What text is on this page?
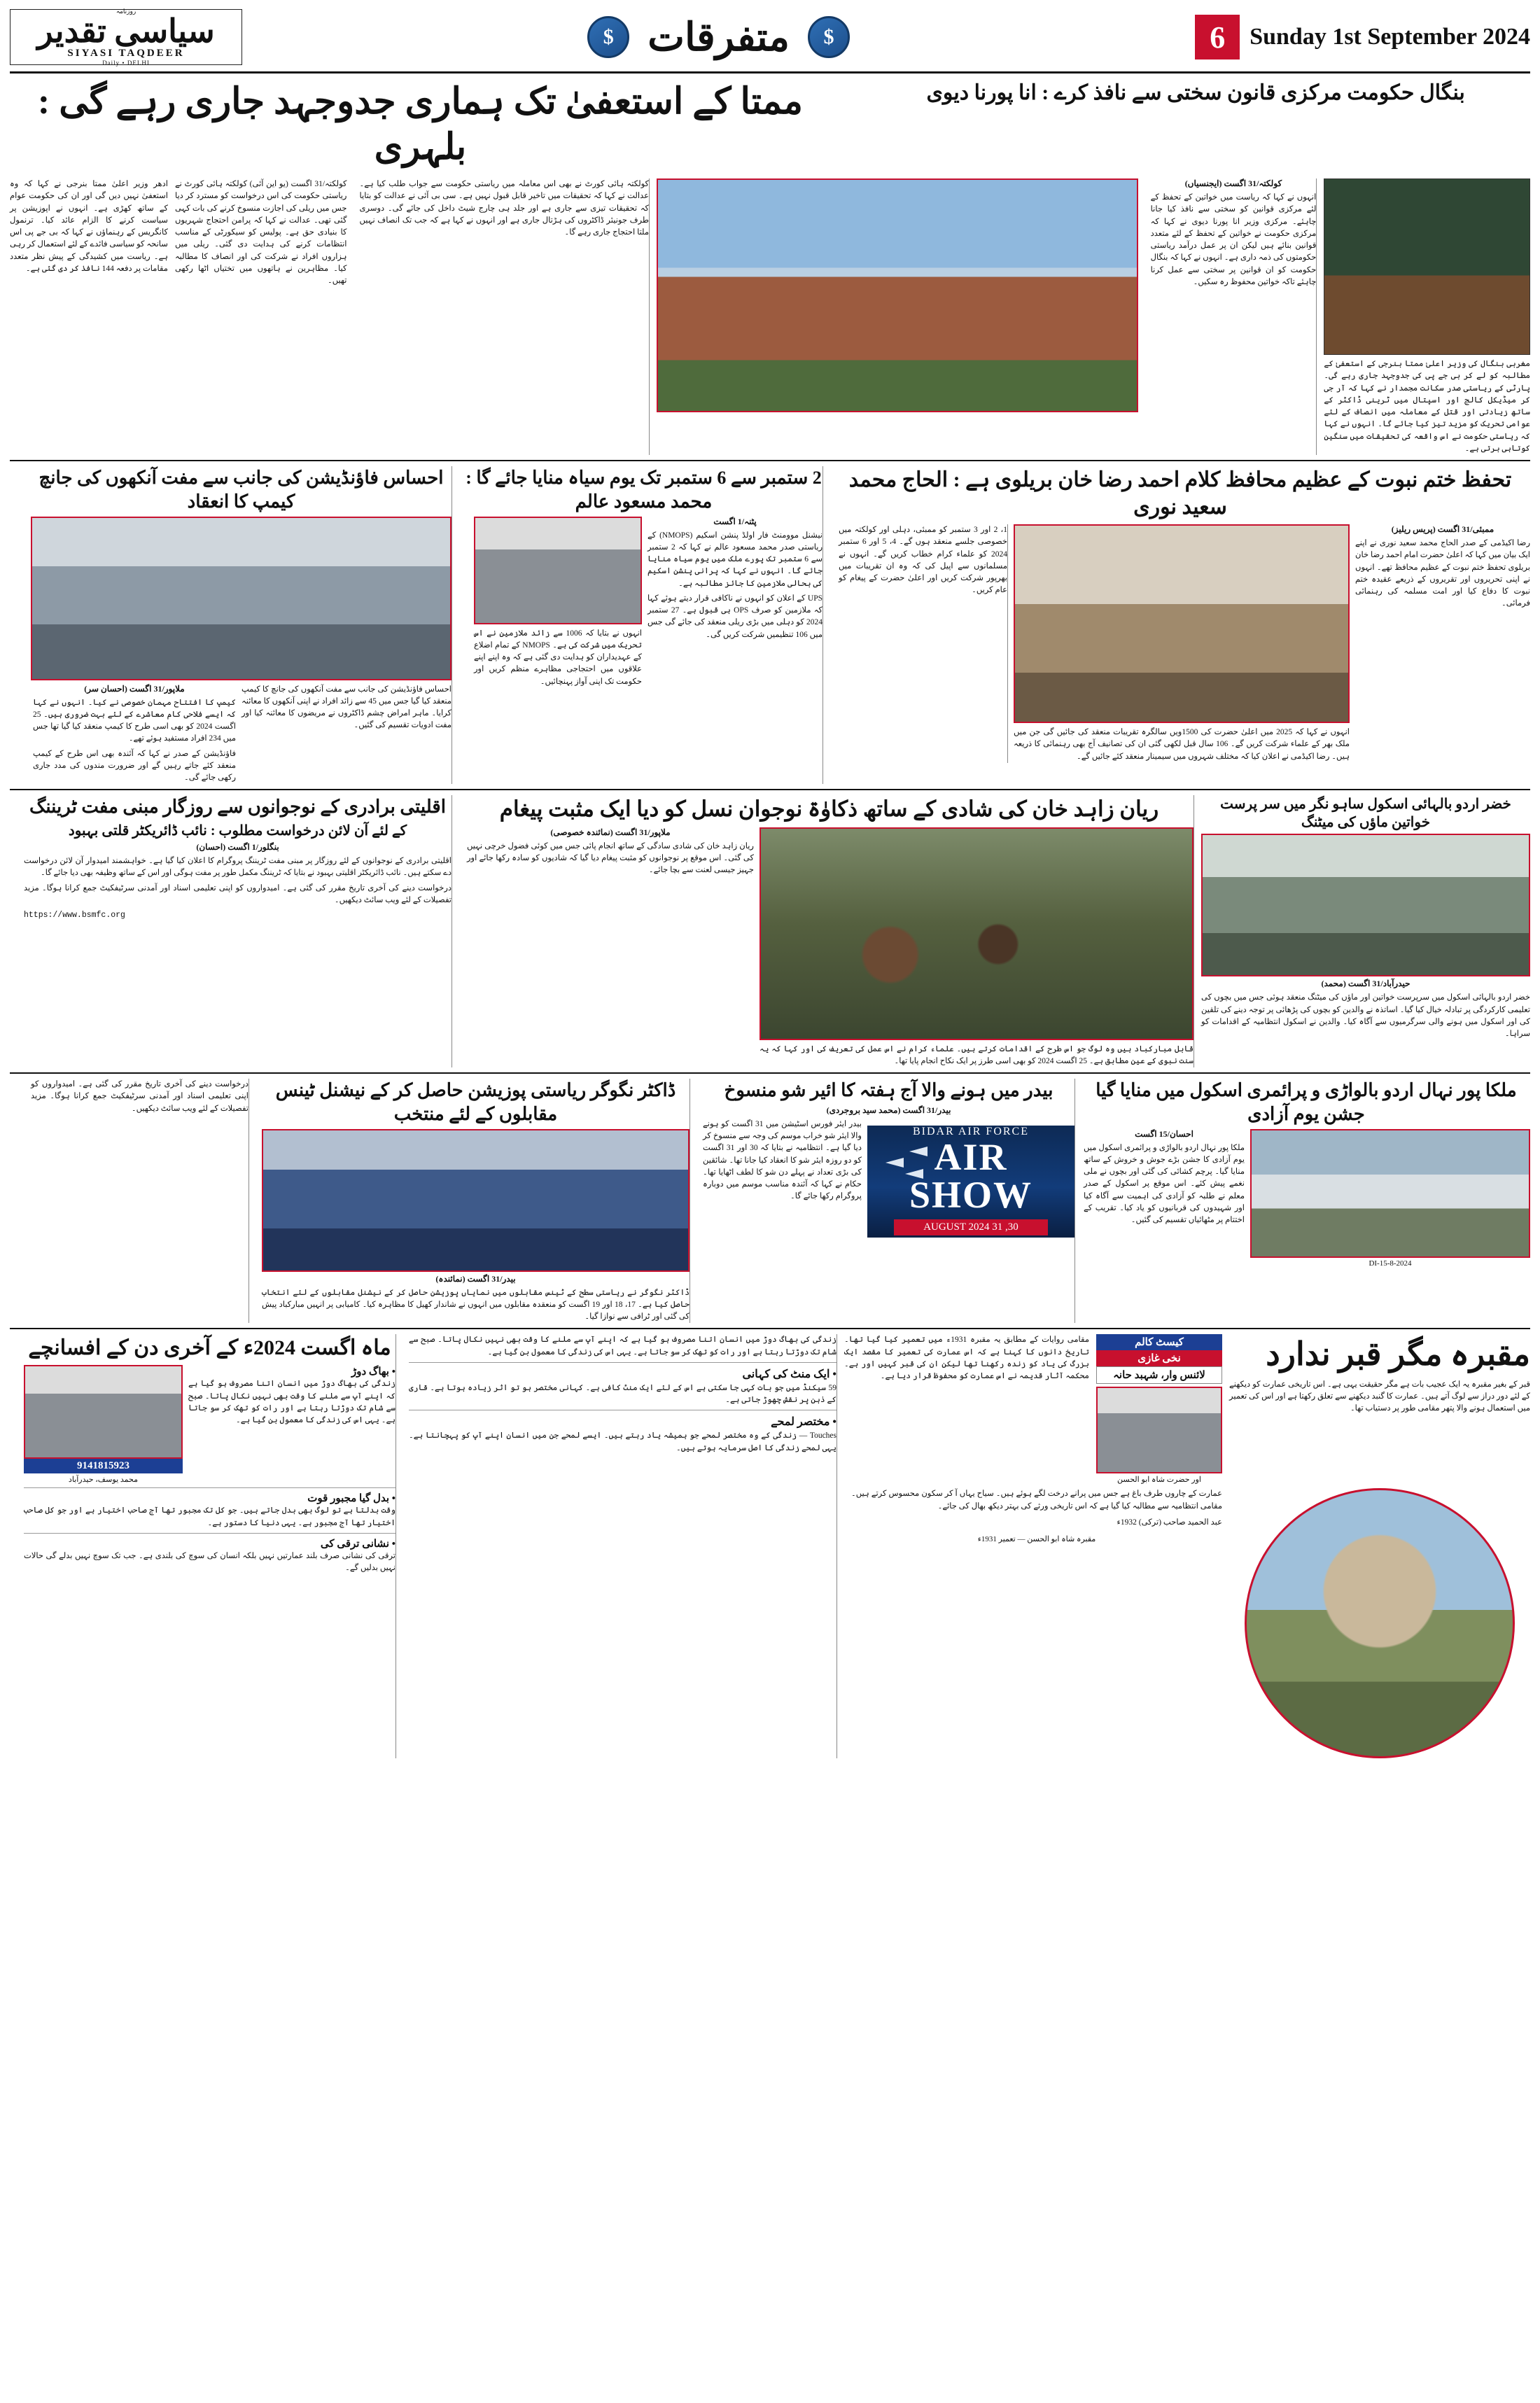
Sunday 1st September 2024
6
$
متفرقات
$
روزنامہ
سیاسی تقدیر
SIYASI TAQDEER
Daily • DELHI
بنگال حکومت مرکزی قانون سختی سے نافذ کرے : انا پورنا دیوی
ممتا کے استعفیٰ تک ہماری جدوجہد جاری رہے گی : بلہری
مغربی بنگال کی وزیر اعلیٰ ممتا بنرجی کے استعفیٰ کے مطالبہ کو لے کر بی جے پی کی جدوجہد جاری رہے گی۔ پارٹی کے ریاستی صدر سکانت مجمدار نے کہا کہ آر جی کر میڈیکل کالج اور اسپتال میں ٹرینی ڈاکٹر کے ساتھ زیادتی اور قتل کے معاملہ میں انصاف کے لئے عوامی تحریک کو مزید تیز کیا جائے گا۔ انہوں نے کہا کہ ریاستی حکومت نے اس واقعہ کی تحقیقات میں سنگین کوتاہی برتی ہے۔
کولکتہ/31 اگست (ایجنسیاں)
انہوں نے کہا کہ ریاست میں خواتین کے تحفظ کے لئے مرکزی قوانین کو سختی سے نافذ کیا جانا چاہئے۔ مرکزی وزیر انا پورنا دیوی نے کہا کہ مرکزی حکومت نے خواتین کے تحفظ کے لئے متعدد قوانین بنائے ہیں لیکن ان پر عمل درآمد ریاستی حکومتوں کی ذمہ داری ہے۔ انہوں نے کہا کہ بنگال حکومت کو ان قوانین پر سختی سے عمل کرنا چاہئے تاکہ خواتین محفوظ رہ سکیں۔
کولکتہ ہائی کورٹ نے بھی اس معاملہ میں ریاستی حکومت سے جواب طلب کیا ہے۔ عدالت نے کہا کہ تحقیقات میں تاخیر قابل قبول نہیں ہے۔ سی بی آئی نے عدالت کو بتایا کہ تحقیقات تیزی سے جاری ہے اور جلد ہی چارج شیٹ داخل کی جائے گی۔ دوسری طرف جونیئر ڈاکٹروں کی ہڑتال جاری ہے اور انہوں نے کہا ہے کہ جب تک انصاف نہیں ملتا احتجاج جاری رہے گا۔
کولکتہ/31 اگست (یو این آئی) کولکتہ ہائی کورٹ نے ریاستی حکومت کی اس درخواست کو مسترد کر دیا جس میں ریلی کی اجازت منسوخ کرنے کی بات کہی گئی تھی۔ عدالت نے کہا کہ پرامن احتجاج شہریوں کا بنیادی حق ہے۔ پولیس کو سیکورٹی کے مناسب انتظامات کرنے کی ہدایت دی گئی۔ ریلی میں ہزاروں افراد نے شرکت کی اور انصاف کا مطالبہ کیا۔ مظاہرین نے ہاتھوں میں تختیاں اٹھا رکھی تھیں۔
ادھر وزیر اعلیٰ ممتا بنرجی نے کہا کہ وہ استعفیٰ نہیں دیں گی اور ان کی حکومت عوام کے ساتھ کھڑی ہے۔ انہوں نے اپوزیشن پر سیاست کرنے کا الزام عائد کیا۔ ترنمول کانگریس کے رہنماؤں نے کہا کہ بی جے پی اس سانحہ کو سیاسی فائدے کے لئے استعمال کر رہی ہے۔ ریاست میں کشیدگی کے پیش نظر متعدد مقامات پر دفعہ 144 نافذ کر دی گئی ہے۔
تحفظ ختم نبوت کے عظیم محافظ کلام احمد رضا خان بریلوی ہے : الحاج محمد سعید نوری
ممبئی/31 اگست (پریس ریلیز)
رضا اکیڈمی کے صدر الحاج محمد سعید نوری نے اپنے ایک بیان میں کہا کہ اعلیٰ حضرت امام احمد رضا خان بریلوی تحفظ ختم نبوت کے عظیم محافظ تھے۔ انہوں نے اپنی تحریروں اور تقریروں کے ذریعے عقیدہ ختم نبوت کا دفاع کیا اور امت مسلمہ کی رہنمائی فرمائی۔
انہوں نے کہا کہ 2025 میں اعلیٰ حضرت کی 1500ویں سالگرہ تقریبات منعقد کی جائیں گی جن میں ملک بھر کے علماء شرکت کریں گے۔ 106 سال قبل لکھی گئی ان کی تصانیف آج بھی رہنمائی کا ذریعہ ہیں۔ رضا اکیڈمی نے اعلان کیا کہ مختلف شہروں میں سیمینار منعقد کئے جائیں گے۔
1، 2 اور 3 ستمبر کو ممبئی، دہلی اور کولکتہ میں خصوصی جلسے منعقد ہوں گے۔ 4، 5 اور 6 ستمبر 2024 کو علماء کرام خطاب کریں گے۔ انہوں نے مسلمانوں سے اپیل کی کہ وہ ان تقریبات میں بھرپور شرکت کریں اور اعلیٰ حضرت کے پیغام کو عام کریں۔
2 ستمبر سے 6 ستمبر تک یوم سیاہ منایا جائے گا : محمد مسعود عالم
پٹنہ/1 اگست
نیشنل موومنٹ فار اولڈ پنشن اسکیم (NMOPS) کے ریاستی صدر محمد مسعود عالم نے کہا کہ 2 ستمبر سے 6 ستمبر تک پورے ملک میں یوم سیاہ منایا جائے گا۔ انہوں نے کہا کہ پرانی پنشن اسکیم کی بحالی ملازمین کا جائز مطالبہ ہے۔
UPS کے اعلان کو انہوں نے ناکافی قرار دیتے ہوئے کہا کہ ملازمین کو صرف OPS ہی قبول ہے۔ 27 ستمبر 2024 کو دہلی میں بڑی ریلی منعقد کی جائے گی جس میں 106 تنظیمیں شرکت کریں گی۔
انہوں نے بتایا کہ 1006 سے زائد ملازمین نے اس تحریک میں شرکت کی ہے۔ NMOPS کے تمام اضلاع کے عہدیداران کو ہدایت دی گئی ہے کہ وہ اپنے اپنے علاقوں میں احتجاجی مظاہرے منظم کریں اور حکومت تک اپنی آواز پہنچائیں۔
احساس فاؤنڈیشن کی جانب سے مفت آنکھوں کی جانچ کیمپ کا انعقاد
احساس فاؤنڈیشن کی جانب سے مفت آنکھوں کی جانچ کا کیمپ منعقد کیا گیا جس میں 45 سے زائد افراد نے اپنی آنکھوں کا معائنہ کرایا۔ ماہر امراض چشم ڈاکٹروں نے مریضوں کا معائنہ کیا اور مفت ادویات تقسیم کی گئیں۔
ملاپور/31 اگست (احسان سر)
کیمپ کا افتتاح مہمان خصوصی نے کیا۔ انہوں نے کہا کہ ایسے فلاحی کام معاشرے کے لئے بہت ضروری ہیں۔ 25 اگست 2024 کو بھی اسی طرح کا کیمپ منعقد کیا گیا تھا جس میں 234 افراد مستفید ہوئے تھے۔
فاؤنڈیشن کے صدر نے کہا کہ آئندہ بھی اس طرح کے کیمپ منعقد کئے جاتے رہیں گے اور ضرورت مندوں کی مدد جاری رکھی جائے گی۔
خضر اردو بالہائی اسکول ساہو نگر میں سر پرست خواتین ماؤں کی میٹنگ
حیدرآباد/31 اگست (محمد)
خضر اردو بالہائی اسکول میں سرپرست خواتین اور ماؤں کی میٹنگ منعقد ہوئی جس میں بچوں کی تعلیمی کارکردگی پر تبادلہ خیال کیا گیا۔ اساتذہ نے والدین کو بچوں کی پڑھائی پر توجہ دینے کی تلقین کی اور اسکول میں ہونے والی سرگرمیوں سے آگاہ کیا۔ والدین نے اسکول انتظامیہ کے اقدامات کو سراہا۔
ریان زاہد خان کی شادی کے ساتھ ذکاوٰۃ نوجوان نسل کو دیا ایک مثبت پیغام
قابل مبارکباد ہیں وہ لوگ جو اس طرح کے اقدامات کرتے ہیں۔ علماء کرام نے اس عمل کی تعریف کی اور کہا کہ یہ سنت نبوی کے عین مطابق ہے۔ 25 اگست 2024 کو بھی اسی طرز پر ایک نکاح انجام پایا تھا۔
ملاپور/31 اگست (نمائندہ خصوصی)
ریان زاہد خان کی شادی سادگی کے ساتھ انجام پائی جس میں کوئی فضول خرچی نہیں کی گئی۔ اس موقع پر نوجوانوں کو مثبت پیغام دیا گیا کہ شادیوں کو سادہ رکھا جائے اور جہیز جیسی لعنت سے بچا جائے۔
اقلیتی برادری کے نوجوانوں سے روزگار مبنی مفت ٹریننگ
کے لئے آن لائن درخواست مطلوب : نائب ڈائریکٹر قلتی بہبود
بنگلور/1 اگست (احسان)
اقلیتی برادری کے نوجوانوں کے لئے روزگار پر مبنی مفت ٹریننگ پروگرام کا اعلان کیا گیا ہے۔ خواہشمند امیدوار آن لائن درخواست دے سکتے ہیں۔ نائب ڈائریکٹر اقلیتی بہبود نے بتایا کہ ٹریننگ مکمل طور پر مفت ہوگی اور اس کے ساتھ وظیفہ بھی دیا جائے گا۔
درخواست دینے کی آخری تاریخ مقرر کی گئی ہے۔ امیدواروں کو اپنی تعلیمی اسناد اور آمدنی سرٹیفکیٹ جمع کرانا ہوگا۔ مزید تفصیلات کے لئے ویب سائٹ دیکھیں۔
https://www.bsmfc.org
ملکا پور نہال اردو بالواڑی و پرائمری اسکول میں منایا گیا جشن یوم آزادی
DI-15-8-2024
احسان/15 اگست
ملکا پور نہال اردو بالواڑی و پرائمری اسکول میں یوم آزادی کا جشن بڑے جوش و خروش کے ساتھ منایا گیا۔ پرچم کشائی کی گئی اور بچوں نے ملی نغمے پیش کئے۔ اس موقع پر اسکول کے صدر معلم نے طلبہ کو آزادی کی اہمیت سے آگاہ کیا اور شہیدوں کی قربانیوں کو یاد کیا۔ تقریب کے اختتام پر مٹھائیاں تقسیم کی گئیں۔
بیدر میں ہونے والا آج ہفتہ کا ائیر شو منسوخ
بیدر/31 اگست (محمد سید بروجردی)
BIDAR AIR FORCE
AIR SHOW
30, 31 AUGUST 2024
بیدر ایئر فورس اسٹیشن میں 31 اگست کو ہونے والا ایئر شو خراب موسم کی وجہ سے منسوخ کر دیا گیا ہے۔ انتظامیہ نے بتایا کہ 30 اور 31 اگست کو دو روزہ ایئر شو کا انعقاد کیا جانا تھا۔ شائقین کی بڑی تعداد نے پہلے دن شو کا لطف اٹھایا تھا۔ حکام نے کہا کہ آئندہ مناسب موسم میں دوبارہ پروگرام رکھا جائے گا۔
ڈاکٹر نگوگر ریاستی پوزیشن حاصل کر کے نیشنل ٹینس مقابلوں کے لئے منتخب
بیدر/31 اگست (نمائندہ)
ڈاکٹر نگوگر نے ریاستی سطح کے ٹینس مقابلوں میں نمایاں پوزیشن حاصل کر کے نیشنل مقابلوں کے لئے انتخاب حاصل کیا ہے۔ 17، 18 اور 19 اگست کو منعقدہ مقابلوں میں انہوں نے شاندار کھیل کا مظاہرہ کیا۔ کامیابی پر انہیں مبارکباد پیش کی گئی اور ٹرافی سے نوازا گیا۔
درخواست دینے کی آخری تاریخ مقرر کی گئی ہے۔ امیدواروں کو اپنی تعلیمی اسناد اور آمدنی سرٹیفکیٹ جمع کرانا ہوگا۔ مزید تفصیلات کے لئے ویب سائٹ دیکھیں۔
مقبرہ مگر قبر ندارد
قبر کے بغیر مقبرہ یہ ایک عجیب بات ہے مگر حقیقت یہی ہے۔ اس تاریخی عمارت کو دیکھنے کے لئے دور دراز سے لوگ آتے ہیں۔ عمارت کا گنبد دیکھنے سے تعلق رکھتا ہے اور اس کی تعمیر میں استعمال ہونے والا پتھر مقامی طور پر دستیاب تھا۔
کیسٹ کالم
نخی غازی
لائنس وار، شہبد حانہ
اور حضرت شاہ ابو الحسن
مقامی روایات کے مطابق یہ مقبرہ 1931ء میں تعمیر کیا گیا تھا۔ تاریخ دانوں کا کہنا ہے کہ اس عمارت کی تعمیر کا مقصد ایک بزرگ کی یاد کو زندہ رکھنا تھا لیکن ان کی قبر کہیں اور ہے۔ محکمہ آثار قدیمہ نے اس عمارت کو محفوظ قرار دیا ہے۔
عمارت کے چاروں طرف باغ ہے جس میں پرانے درخت لگے ہوئے ہیں۔ سیاح یہاں آ کر سکون محسوس کرتے ہیں۔ مقامی انتظامیہ سے مطالبہ کیا گیا ہے کہ اس تاریخی ورثے کی بہتر دیکھ بھال کی جائے۔
عبد الحمید صاحب (ترکی) 1932ء
مقبرہ شاہ ابو الحسن — تعمیر 1931ء
زندگی کی بھاگ دوڑ میں انسان اتنا مصروف ہو گیا ہے کہ اپنے آپ سے ملنے کا وقت بھی نہیں نکال پاتا۔ صبح سے شام تک دوڑتا رہتا ہے اور رات کو تھک کر سو جاتا ہے۔ یہی اس کی زندگی کا معمول بن گیا ہے۔
• ایک منٹ کی کہانی
59 سیکنڈ میں جو بات کہی جا سکتی ہے اس کے لئے ایک منٹ کافی ہے۔ کہانی مختصر ہو تو اثر زیادہ ہوتا ہے۔ قاری کے ذہن پر نقش چھوڑ جاتی ہے۔
• مختصر لمحے
Touches — زندگی کے وہ مختصر لمحے جو ہمیشہ یاد رہتے ہیں۔ ایسے لمحے جن میں انسان اپنے آپ کو پہچانتا ہے۔ یہی لمحے زندگی کا اصل سرمایہ ہوتے ہیں۔
ماہ اگست 2024ء کے آخری دن کے افسانچے
• بھاگ دوڑ
زندگی کی بھاگ دوڑ میں انسان اتنا مصروف ہو گیا ہے کہ اپنے آپ سے ملنے کا وقت بھی نہیں نکال پاتا۔ صبح سے شام تک دوڑتا رہتا ہے اور رات کو تھک کر سو جاتا ہے۔ یہی اس کی زندگی کا معمول بن گیا ہے۔
9141815923
محمد یوسف، حیدرآباد
• بدل گیا مجبور قوت
وقت بدلتا ہے تو لوگ بھی بدل جاتے ہیں۔ جو کل تک مجبور تھا آج صاحب اختیار ہے اور جو کل صاحب اختیار تھا آج مجبور ہے۔ یہی دنیا کا دستور ہے۔
• نشانی ترقی کی
ترقی کی نشانی صرف بلند عمارتیں نہیں بلکہ انسان کی سوچ کی بلندی ہے۔ جب تک سوچ نہیں بدلے گی حالات نہیں بدلیں گے۔
